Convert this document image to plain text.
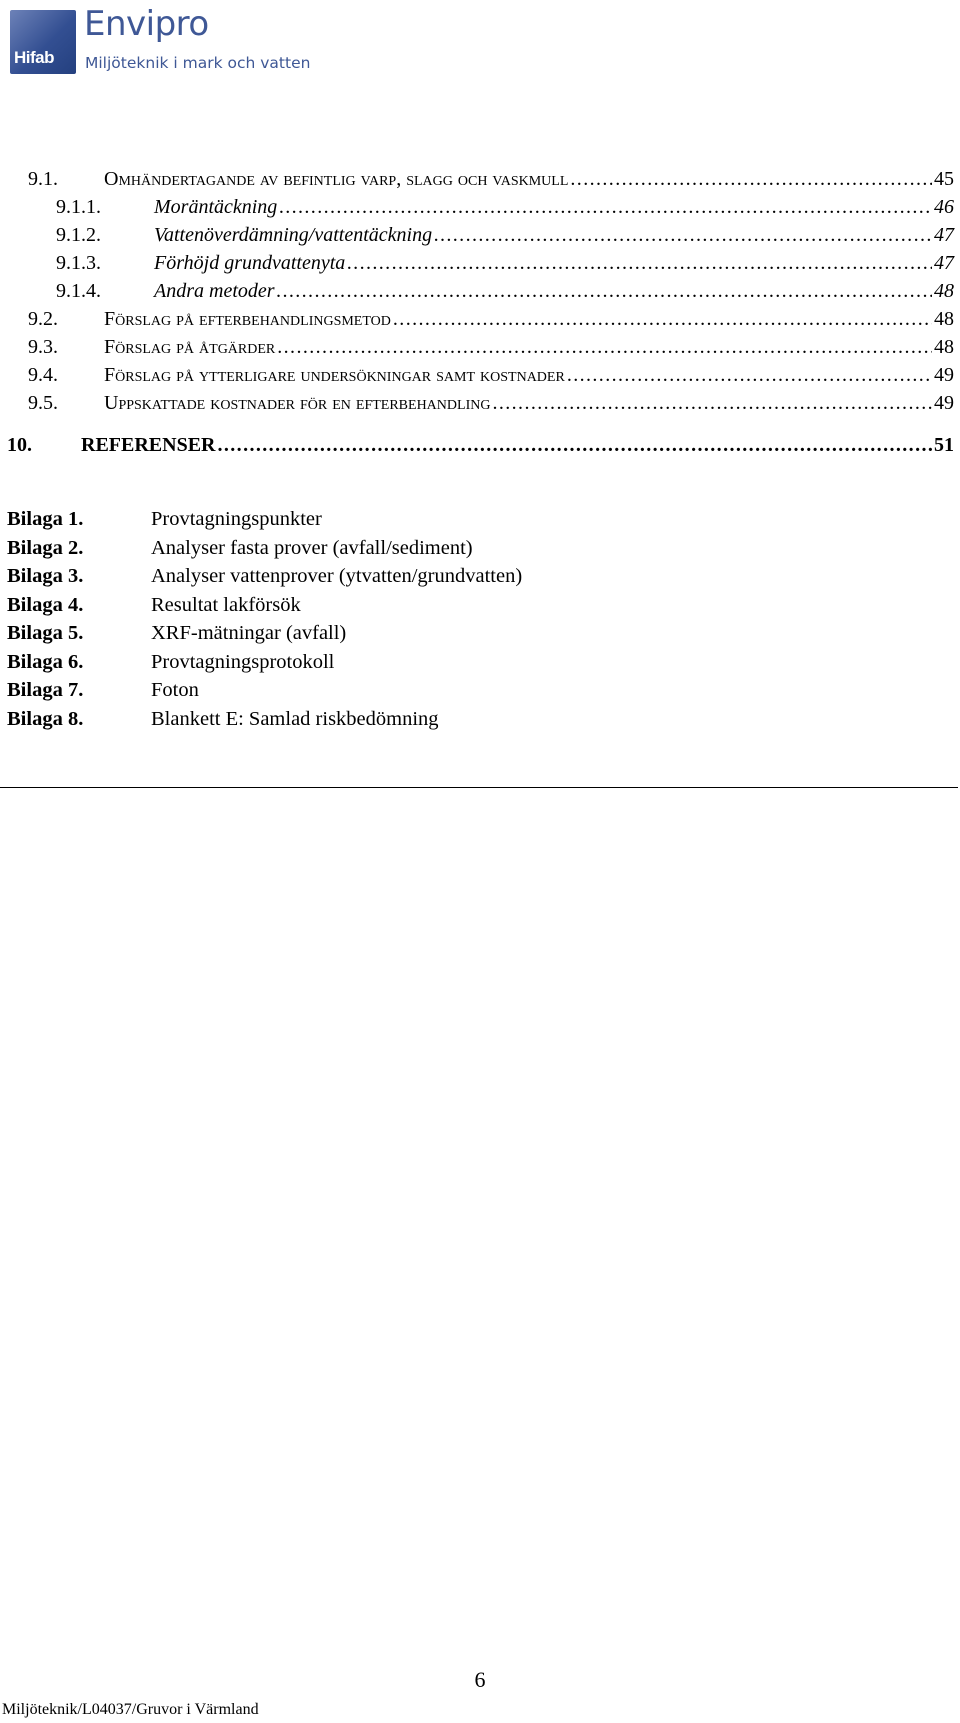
Hifab
Envipro
Miljöteknik i mark och vatten
9.1.	Omhändertagande av befintlig varp, slagg och vaskmull .....	45
9.1.1.	Moräntäckning .....	46
9.1.2.	Vattenöverdämning/vattentäckning .....	47
9.1.3.	Förhöjd grundvattenyta .....	47
9.1.4.	Andra metoder .....	48
9.2.	Förslag på efterbehandlingsmetod .....	48
9.3.	Förslag på åtgärder .....	48
9.4.	Förslag på ytterligare undersökningar samt kostnader .....	49
9.5.	Uppskattade kostnader för en efterbehandling .....	49
10.	REFERENSER .....	51
Bilaga 1.	Provtagningspunkter
Bilaga 2.	Analyser fasta prover (avfall/sediment)
Bilaga 3.	Analyser vattenprover (ytvatten/grundvatten)
Bilaga 4.	Resultat lakförsök
Bilaga 5.	XRF-mätningar (avfall)
Bilaga 6.	Provtagningsprotokoll
Bilaga 7.	Foton
Bilaga 8.	Blankett E: Samlad riskbedömning
6
Miljöteknik/L04037/Gruvor i Värmland
